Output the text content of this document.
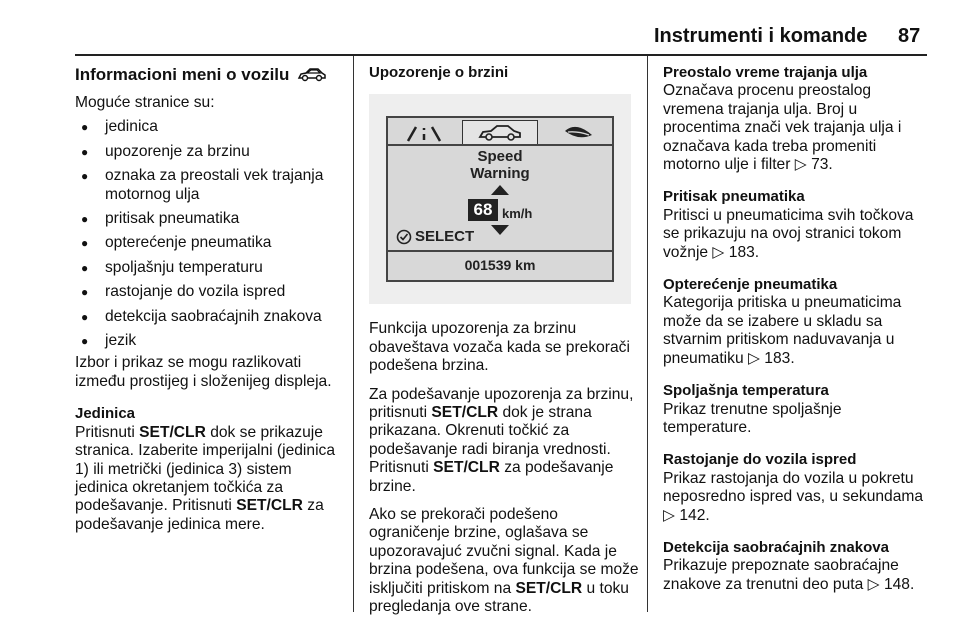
Instrumenti i komande 87

Informacioni meni o vozilu

Moguće stranice su:

● jedinica
● upozorenje za brzinu
● oznaka za preostali vek trajanja motornog ulja
● pritisak pneumatika
● opterećenje pneumatika
● spoljašnju temperaturu
● rastojanje do vozila ispred
● detekcija saobraćajnih znakova
● jezik

Izbor i prikaz se mogu razlikovati između prostijeg i složenijeg displeja.

Jedinica

Pritisnuti SET/CLR dok se prikazuje stranica. Izaberite imperijalni (jedinica 1) ili metrički (jedinica 3) sistem jedinica okretanjem točkića za podešavanje. Pritisnuti SET/CLR za podešavanje jedinica mere.

Upozorenje o brzini

Speed
Warning
68 km/h
SELECT
001539 km

Funkcija upozorenja za brzinu obaveštava vozača kada se prekorači podešena brzina.

Za podešavanje upozorenja za brzinu, pritisnuti SET/CLR dok je strana prikazana. Okrenuti točkić za podešavanje radi biranja vrednosti. Pritisnuti SET/CLR za podešavanje brzine.

Ako se prekorači podešeno ograničenje brzine, oglašava se upozoravajuć zvučni signal. Kada je brzina podešena, ova funkcija se može isključiti pritiskom na SET/CLR u toku pregledanja ove strane.

Preostalo vreme trajanja ulja

Označava procenu preostalog vremena trajanja ulja. Broj u procentima znači vek trajanja ulja i označava kada treba promeniti motorno ulje i filter ▷ 73.

Pritisak pneumatika

Pritisci u pneumaticima svih točkova se prikazuju na ovoj stranici tokom vožnje ▷ 183.

Opterećenje pneumatika

Kategorija pritiska u pneumaticima može da se izabere u skladu sa stvarnim pritiskom naduvavanja u pneumatiku ▷ 183.

Spoljašnja temperatura

Prikaz trenutne spoljašnje temperature.

Rastojanje do vozila ispred

Prikaz rastojanja do vozila u pokretu neposredno ispred vas, u sekundama ▷ 142.

Detekcija saobraćajnih znakova

Prikazuje prepoznate saobraćajne znakove za trenutni deo puta ▷ 148.
